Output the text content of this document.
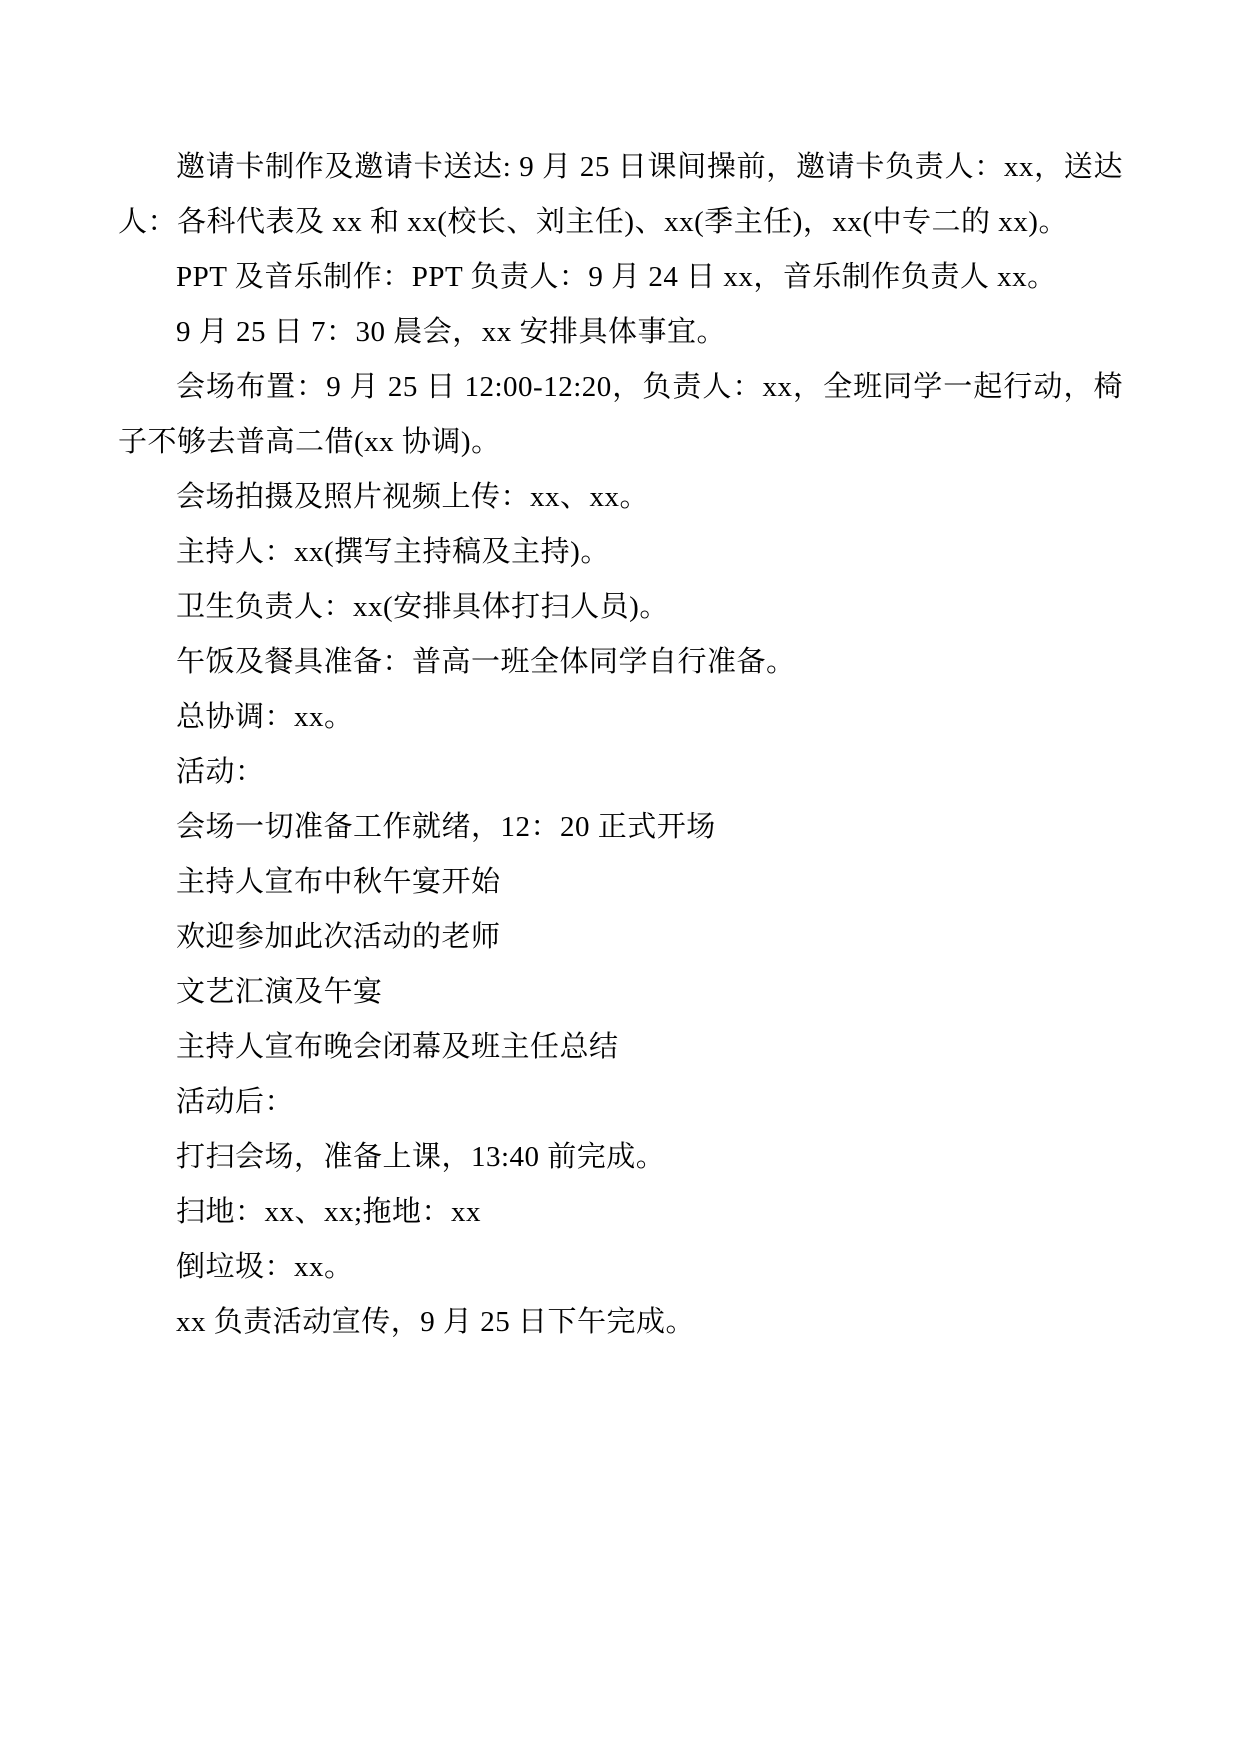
邀请卡制作及邀请卡送达: 9 月 25 日课间操前，邀请卡负责人：xx，送达人：各科代表及 xx 和 xx(校长、刘主任)、xx(季主任)，xx(中专二的 xx)。

PPT 及音乐制作：PPT 负责人：9 月 24 日 xx，音乐制作负责人 xx。

9 月 25 日 7：30 晨会，xx 安排具体事宜。

会场布置：9 月 25 日 12:00-12:20，负责人：xx，全班同学一起行动，椅子不够去普高二借(xx 协调)。

会场拍摄及照片视频上传：xx、xx。

主持人：xx(撰写主持稿及主持)。

卫生负责人：xx(安排具体打扫人员)。

午饭及餐具准备：普高一班全体同学自行准备。

总协调：xx。

活动：

会场一切准备工作就绪，12：20 正式开场

主持人宣布中秋午宴开始

欢迎参加此次活动的老师

文艺汇演及午宴

主持人宣布晚会闭幕及班主任总结

活动后：

打扫会场，准备上课，13:40 前完成。

扫地：xx、xx;拖地：xx

倒垃圾：xx。

xx 负责活动宣传，9 月 25 日下午完成。
